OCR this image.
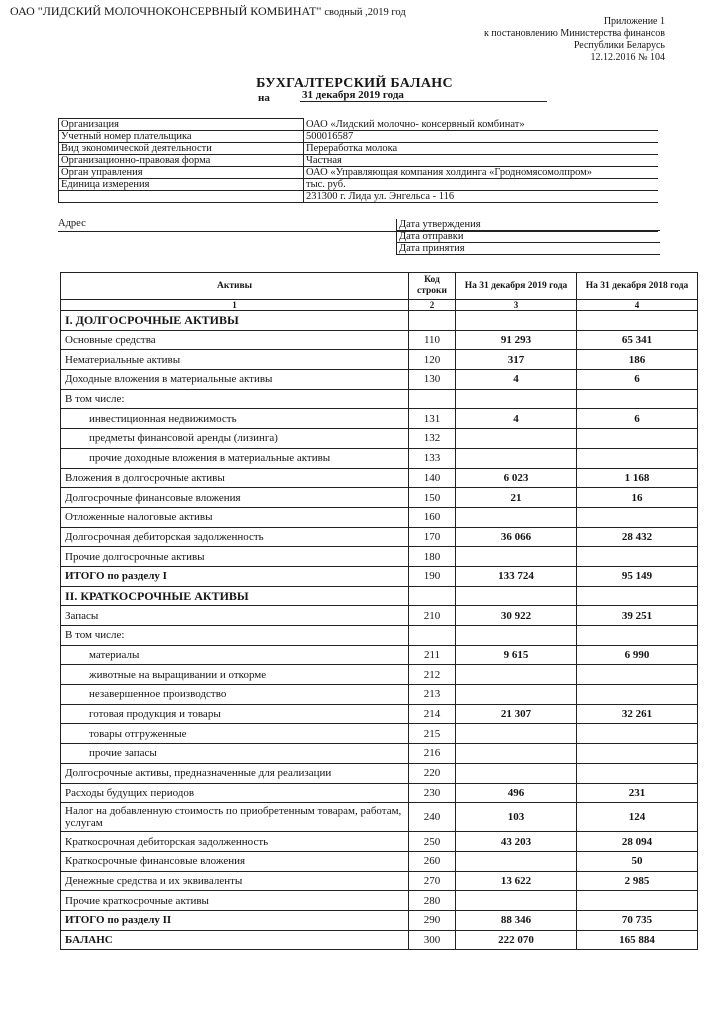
ОАО "ЛИДСКИЙ МОЛОЧНОКОНСЕРВНЫЙ КОМБИНАТ" сводный ,2019 год
Приложение 1
к постановлению Министерства финансов
Республики Беларусь
12.12.2016 № 104
БУХГАЛТЕРСКИЙ БАЛАНС
на	31 декабря 2019 года
Организация	ОАО «Лидский молочно- консервный комбинат»
Учетный номер плательщика	500016587
Вид экономической деятельности	Переработка молока
Организационно-правовая форма	Частная
Орган управления	ОАО «Управляющая компания холдинга «Гродномясомолпром»
Единица измерения	тыс. руб.
	231300 г. Лида ул. Энгельса - 116
Адрес	Дата утверждения	
Дата отправки	
Дата принятия	
Активы	Код строки	На 31 декабря 2019 года	На 31 декабря 2018 года
1	2	3	4
I. ДОЛГОСРОЧНЫЕ АКТИВЫ			
Основные средства	110	91 293	65 341
Нематериальные активы	120	317	186
Доходные вложения в материальные активы	130	4	6
В том числе:			
инвестиционная недвижимость	131	4	6
предметы финансовой аренды (лизинга)	132		
прочие доходные вложения в материальные активы	133		
Вложения в долгосрочные активы	140	6 023	1 168
Долгосрочные финансовые вложения	150	21	16
Отложенные налоговые активы	160		
Долгосрочная дебиторская задолженность	170	36 066	28 432
Прочие долгосрочные активы	180		
ИТОГО по разделу I	190	133 724	95 149
II. КРАТКОСРОЧНЫЕ АКТИВЫ			
Запасы	210	30 922	39 251
В том числе:			
материалы	211	9 615	6 990
животные на выращивании и откорме	212		
незавершенное производство	213		
готовая продукция и товары	214	21 307	32 261
товары отгруженные	215		
прочие запасы	216		
Долгосрочные активы, предназначенные для реализации	220		
Расходы будущих периодов	230	496	231
Налог на добавленную стоимость по приобретенным товарам, работам, услугам	240	103	124
Краткосрочная дебиторская задолженность	250	43 203	28 094
Краткосрочные финансовые вложения	260		50
Денежные средства и их эквиваленты	270	13 622	2 985
Прочие краткосрочные активы	280		
ИТОГО по разделу II	290	88 346	70 735
БАЛАНС	300	222 070	165 884
